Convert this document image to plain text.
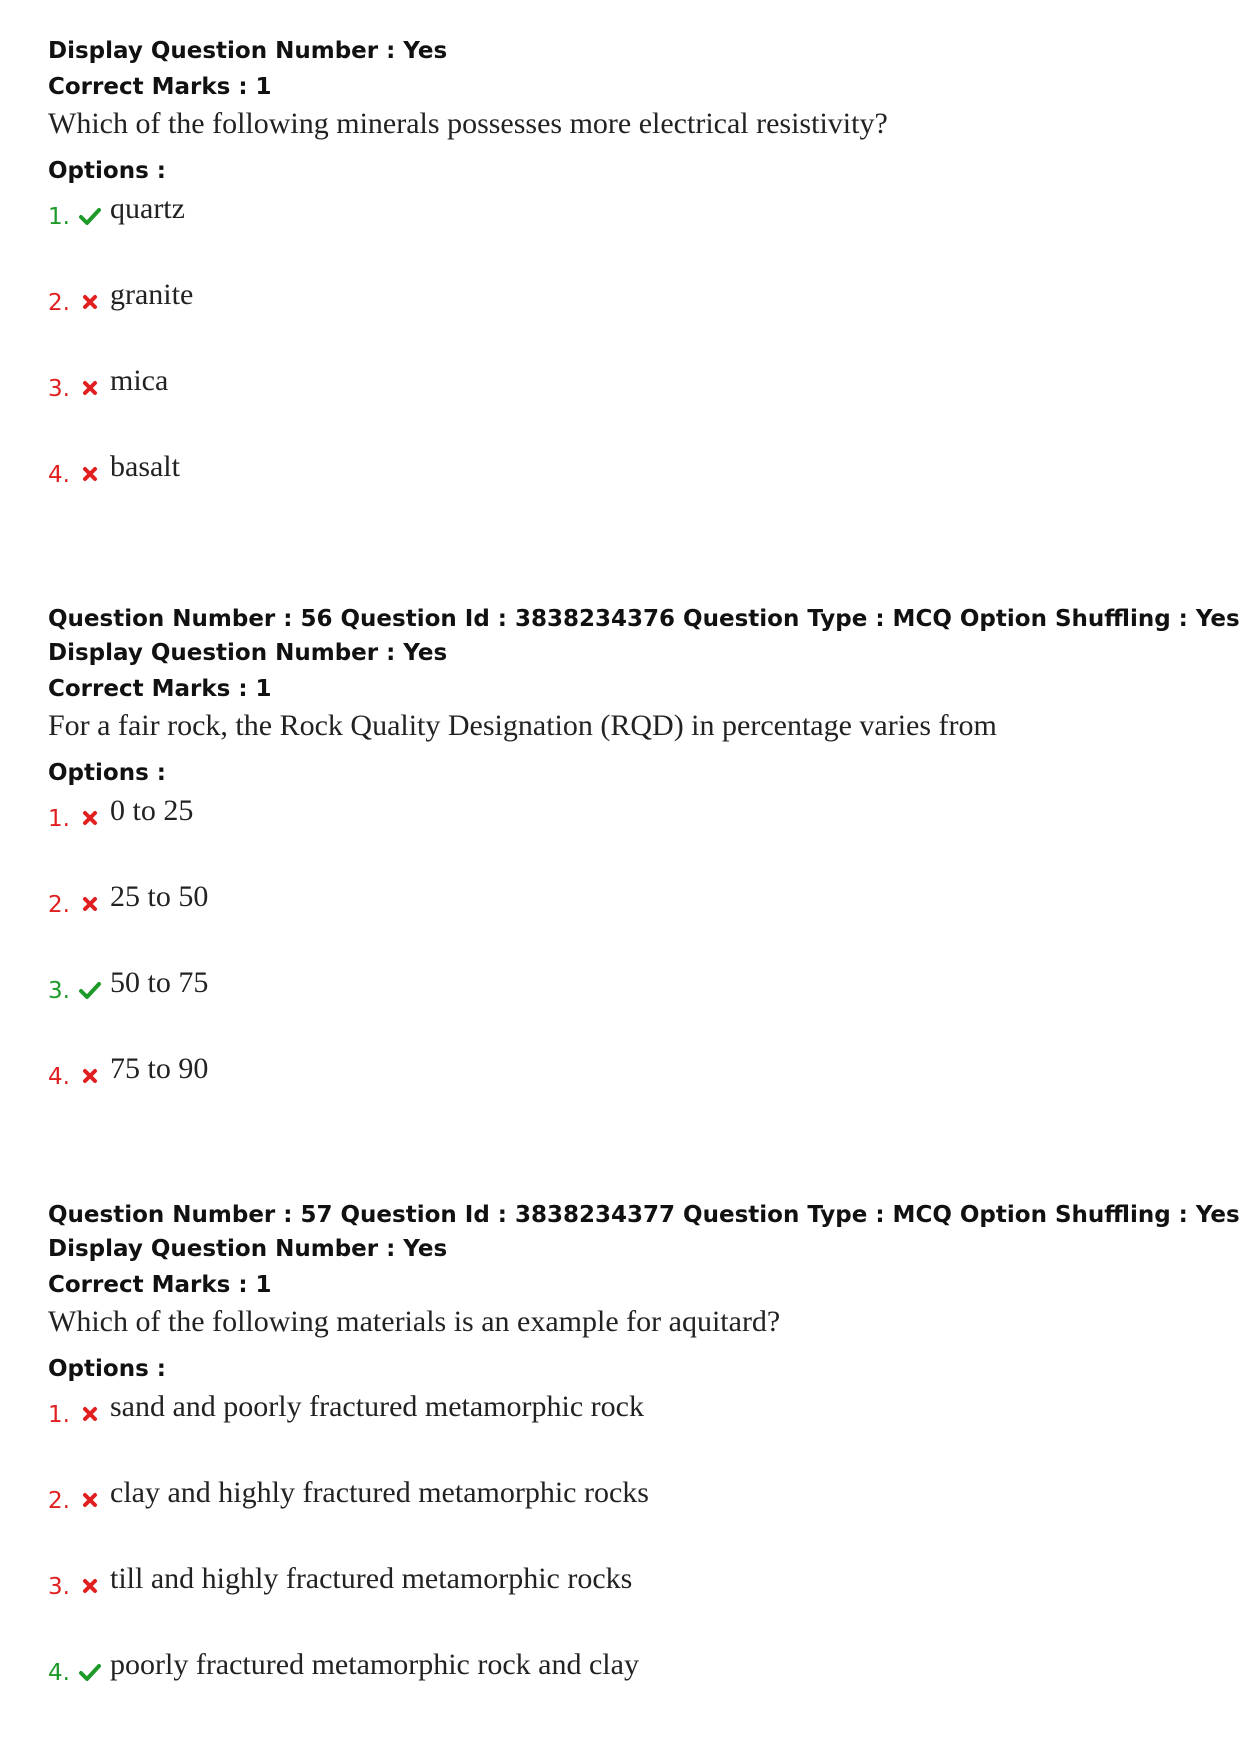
Display Question Number : Yes

Correct Marks : 1

Which of the following minerals possesses more electrical resistivity?

Options :

1. quartz
2. granite
3. mica
4. basalt

Question Number : 56 Question Id : 3838234376 Question Type : MCQ Option Shuffling : Yes

Display Question Number : Yes

Correct Marks : 1

For a fair rock, the Rock Quality Designation (RQD) in percentage varies from

Options :

1. 0 to 25
2. 25 to 50
3. 50 to 75
4. 75 to 90

Question Number : 57 Question Id : 3838234377 Question Type : MCQ Option Shuffling : Yes

Display Question Number : Yes

Correct Marks : 1

Which of the following materials is an example for aquitard?

Options :

1. sand and poorly fractured metamorphic rock
2. clay and highly fractured metamorphic rocks
3. till and highly fractured metamorphic rocks
4. poorly fractured metamorphic rock and clay
